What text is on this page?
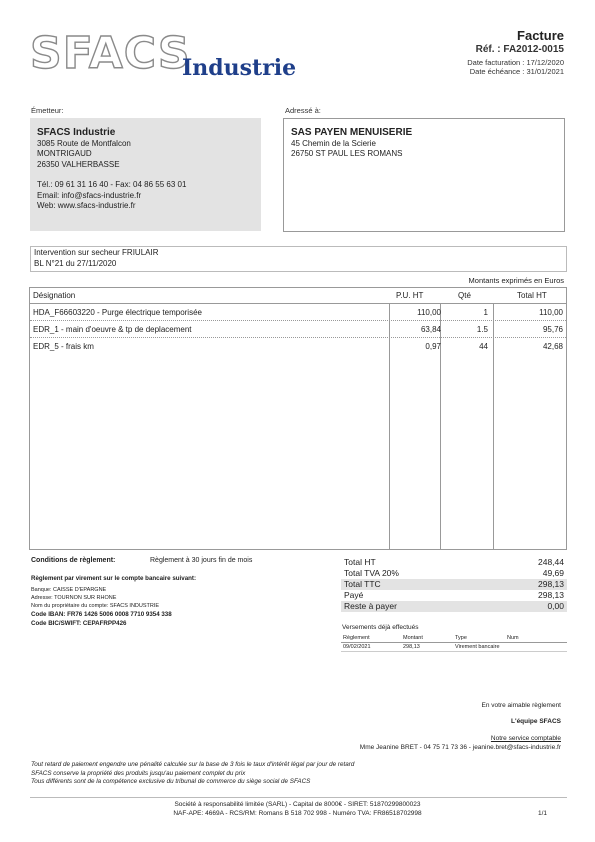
SFACS
Industrie
Facture
Réf. : FA2012-0015
Date facturation : 17/12/2020
Date échéance : 31/01/2021
Émetteur:
SFACS Industrie
3085 Route de Montfalcon
MONTRIGAUD
26350 VALHERBASSE
Tél.: 09 61 31 16 40 - Fax: 04 86 55 63 01
Email: info@sfacs-industrie.fr
Web: www.sfacs-industrie.fr
Adressé à:
SAS PAYEN MENUISERIE
45 Chemin de la Scierie
26750 ST PAUL LES ROMANS
Intervention sur secheur FRIULAIR
BL N°21 du 27/11/2020
Montants exprimés en Euros
Désignation	P.U. HT	Qté	Total HT
HDA_F66603220 - Purge électrique temporisée	110,00	1	110,00
EDR_1 - main d'oeuvre & tp de deplacement	63,84	1.5	95,76
EDR_5 - frais km	0,97	44	42,68
Conditions de règlement:	Règlement à 30 jours fin de mois
Règlement par virement sur le compte bancaire suivant:
Banque: CAISSE D'EPARGNE
Adresse: TOURNON SUR RHONE
Nom du propriétaire du compte: SFACS INDUSTRIE
Code IBAN: FR76 1426 5006 0008 7710 9354 338
Code BIC/SWIFT: CEPAFRPP426
Total HT	248,44
Total TVA 20%	49,69
Total TTC	298,13
Payé	298,13
Reste à payer	0,00
Versements déjà effectués
Règlement	Montant	Type	Num
09/02/2021	298,13	Virement bancaire
En votre aimable règlement
L'équipe SFACS
Notre service comptable
Mme Jeanine BRET - 04 75 71 73 36 - jeanine.bret@sfacs-industrie.fr
Tout retard de paiement engendre une pénalité calculée sur la base de 3 fois le taux d'intérêt légal par jour de retard
SFACS conserve la propriété des produits jusqu'au paiement complet du prix
Tous différents sont de la compétence exclusive du tribunal de commerce du siège social de SFACS
Société à responsabilité limitée (SARL) - Capital de 8000€ - SIRET: 51870299800023
NAF-APE: 4669A - RCS/RM: Romans B 518 702 998 - Numéro TVA: FR86518702998	1/1
